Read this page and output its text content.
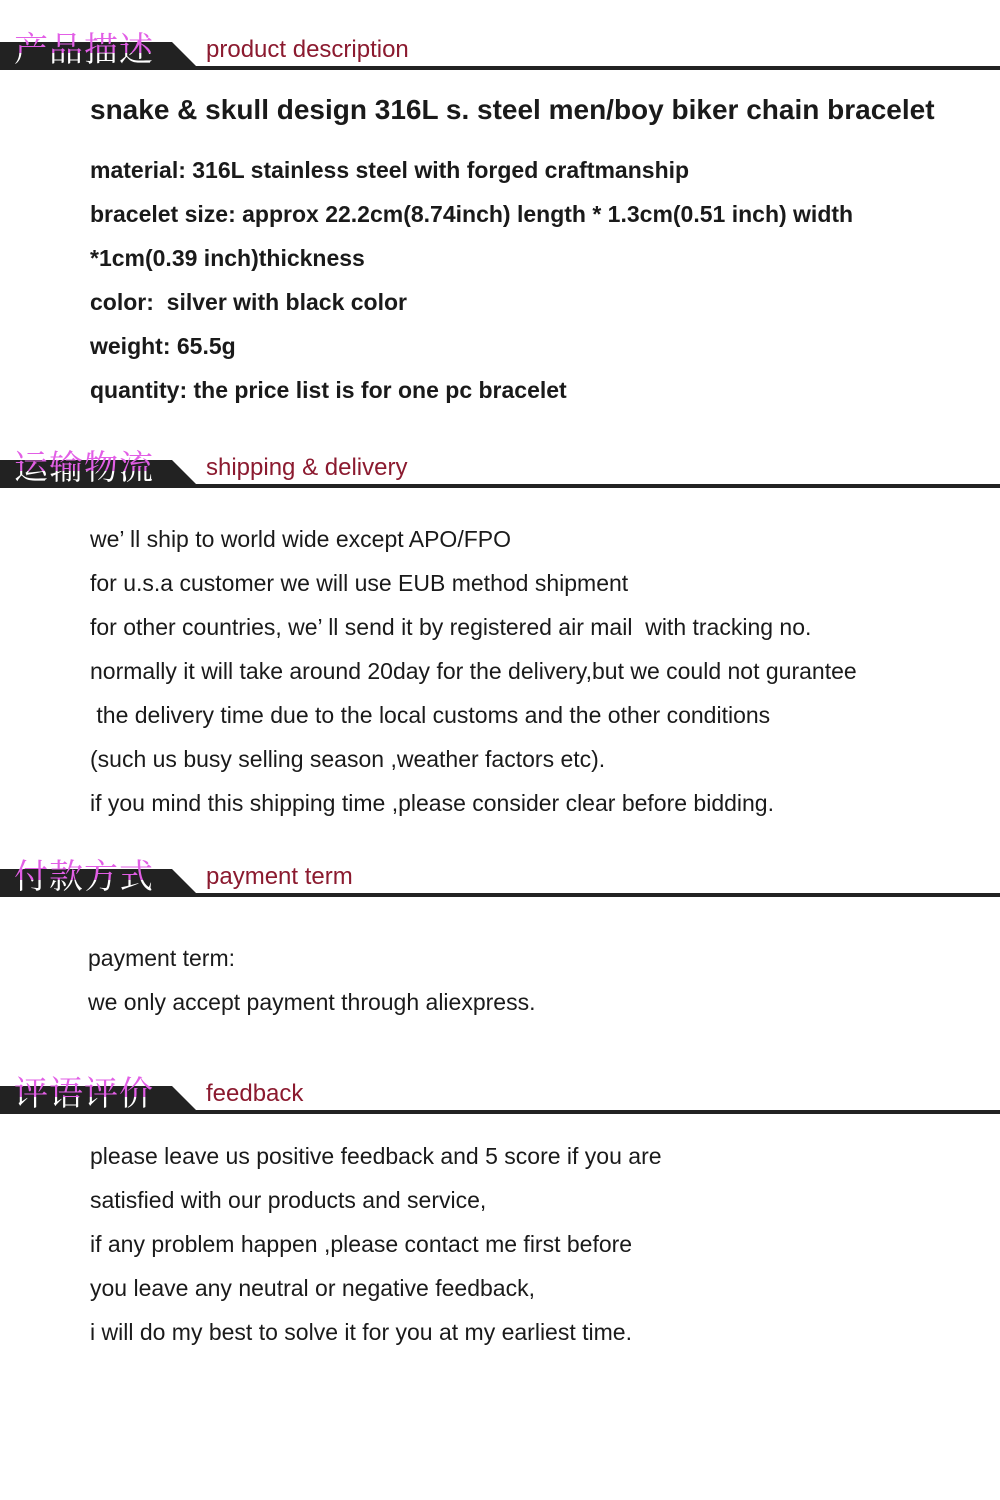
产品描述 product description
snake & skull design 316L s. steel men/boy biker chain bracelet
material: 316L stainless steel with forged craftmanship
bracelet size: approx 22.2cm(8.74inch) length * 1.3cm(0.51 inch) width
*1cm(0.39 inch)thickness
color:  silver with black color
weight: 65.5g
quantity: the price list is for one pc bracelet
运输物流 shipping & delivery
we’ ll ship to world wide except APO/FPO
for u.s.a customer we will use EUB method shipment
for other countries, we’ ll send it by registered air mail  with tracking no.
normally it will take around 20day for the delivery,but we could not gurantee
the delivery time due to the local customs and the other conditions
(such us busy selling season ,weather factors etc).
if you mind this shipping time ,please consider clear before bidding.
付款方式 payment term
payment term:
we only accept payment through aliexpress.
评语评价 feedback
please leave us positive feedback and 5 score if you are
satisfied with our products and service,
if any problem happen ,please contact me first before
you leave any neutral or negative feedback,
i will do my best to solve it for you at my earliest time.
